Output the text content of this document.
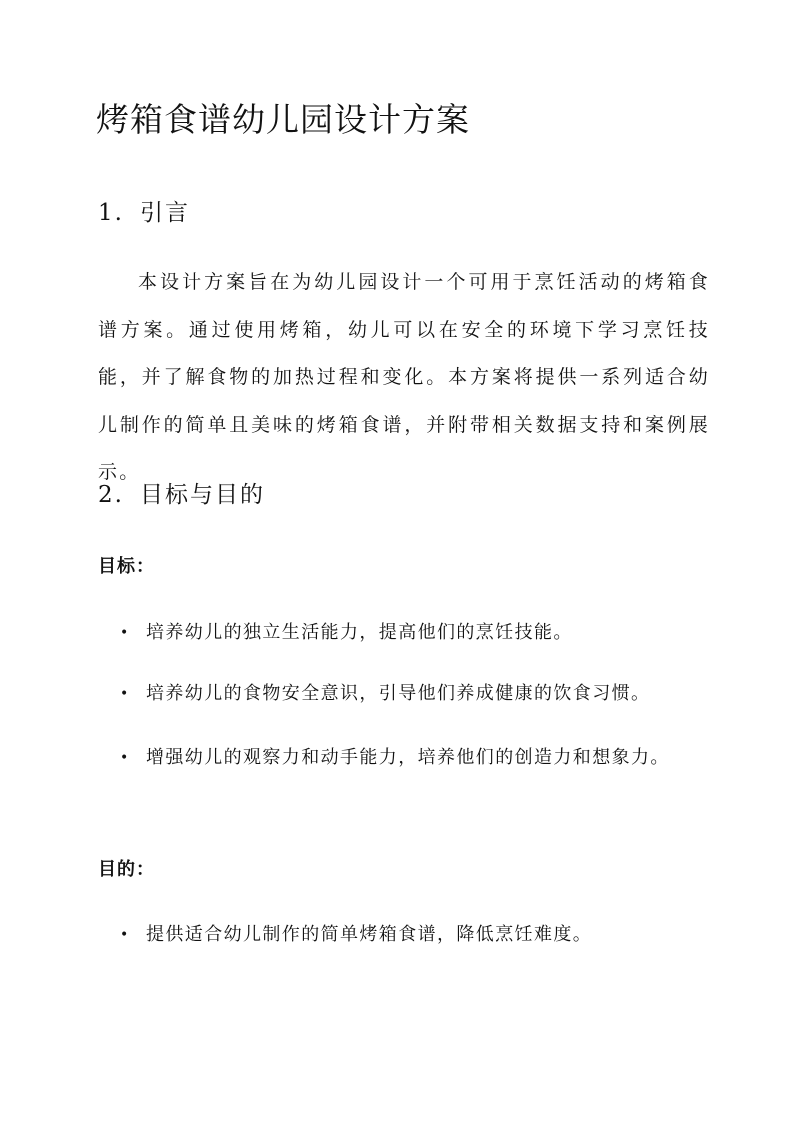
烤箱食谱幼儿园设计方案
1. 引言
本设计方案旨在为幼儿园设计一个可用于烹饪活动的烤箱食谱方案。通过使用烤箱，幼儿可以在安全的环境下学习烹饪技能，并了解食物的加热过程和变化。本方案将提供一系列适合幼儿制作的简单且美味的烤箱食谱，并附带相关数据支持和案例展示。
2. 目标与目的
目标：
• 培养幼儿的独立生活能力，提高他们的烹饪技能。
• 培养幼儿的食物安全意识，引导他们养成健康的饮食习惯。
• 增强幼儿的观察力和动手能力，培养他们的创造力和想象力。
目的：
• 提供适合幼儿制作的简单烤箱食谱，降低烹饪难度。
